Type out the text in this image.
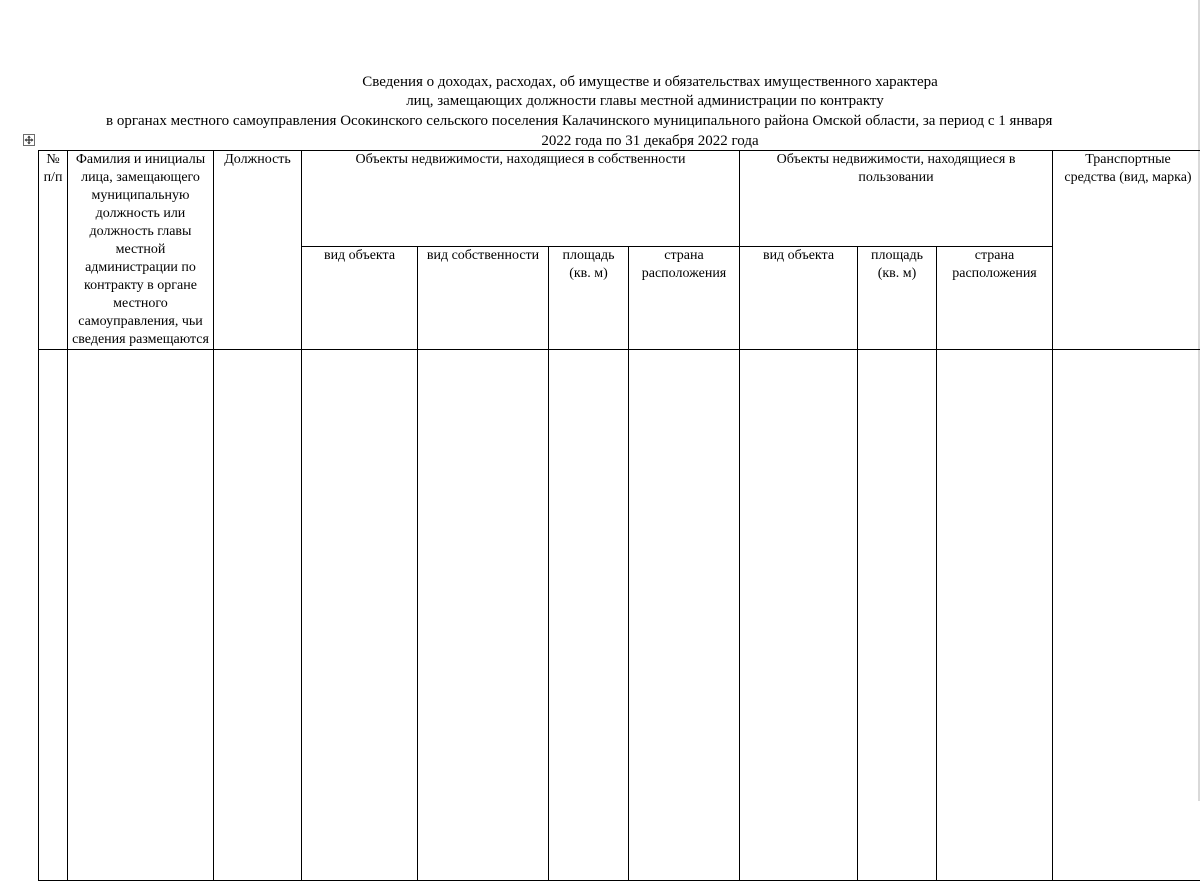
Сведения о доходах, расходах, об имуществе и обязательствах имущественного характера
лиц, замещающих должности главы местной администрации по контракту
в органах местного самоуправления Осокинского сельского поселения Калачинского муниципального района Омской области, за период с 1 января
2022 года по 31 декабря 2022 года
№ п/п	Фамилия и инициалы лица, замещающего муниципальную должность или должность главы местной администрации по контракту в органе местного самоуправления, чьи сведения размещаются	Должность	Объекты недвижимости, находящиеся в собственности				Объекты недвижимости, находящиеся в пользовании			Транспортные средства (вид, марка)

			вид объекта	вид собственности	площадь (кв. м)	страна расположения	вид объекта	площадь (кв. м)	страна расположения	
